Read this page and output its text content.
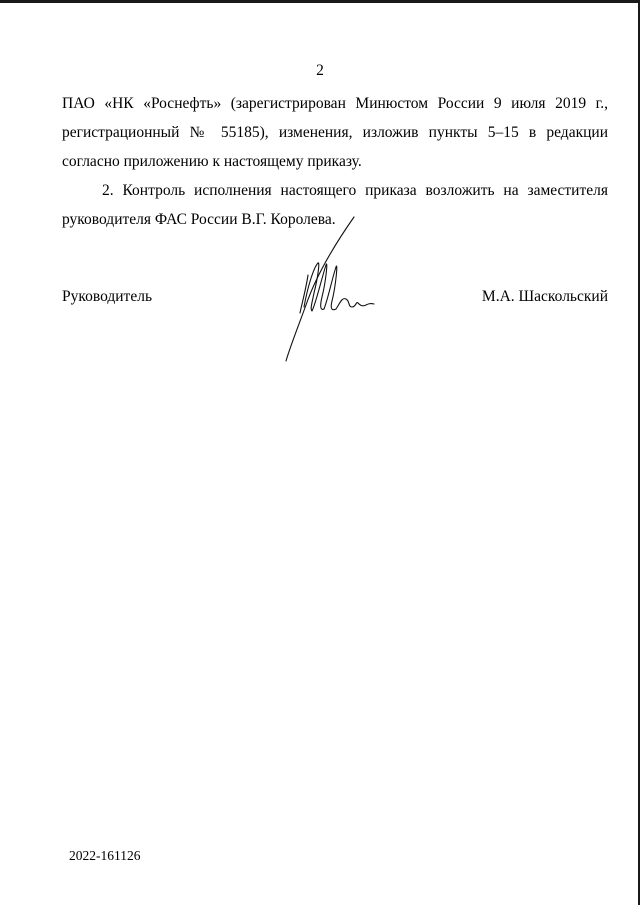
2
ПАО «НК «Роснефть» (зарегистрирован Минюстом России 9 июля 2019 г., регистрационный № 55185), изменения, изложив пункты 5–15 в редакции согласно приложению к настоящему приказу.
2. Контроль исполнения настоящего приказа возложить на заместителя руководителя ФАС России В.Г. Королева.
Руководитель	М.А. Шаскольский
2022-161126
